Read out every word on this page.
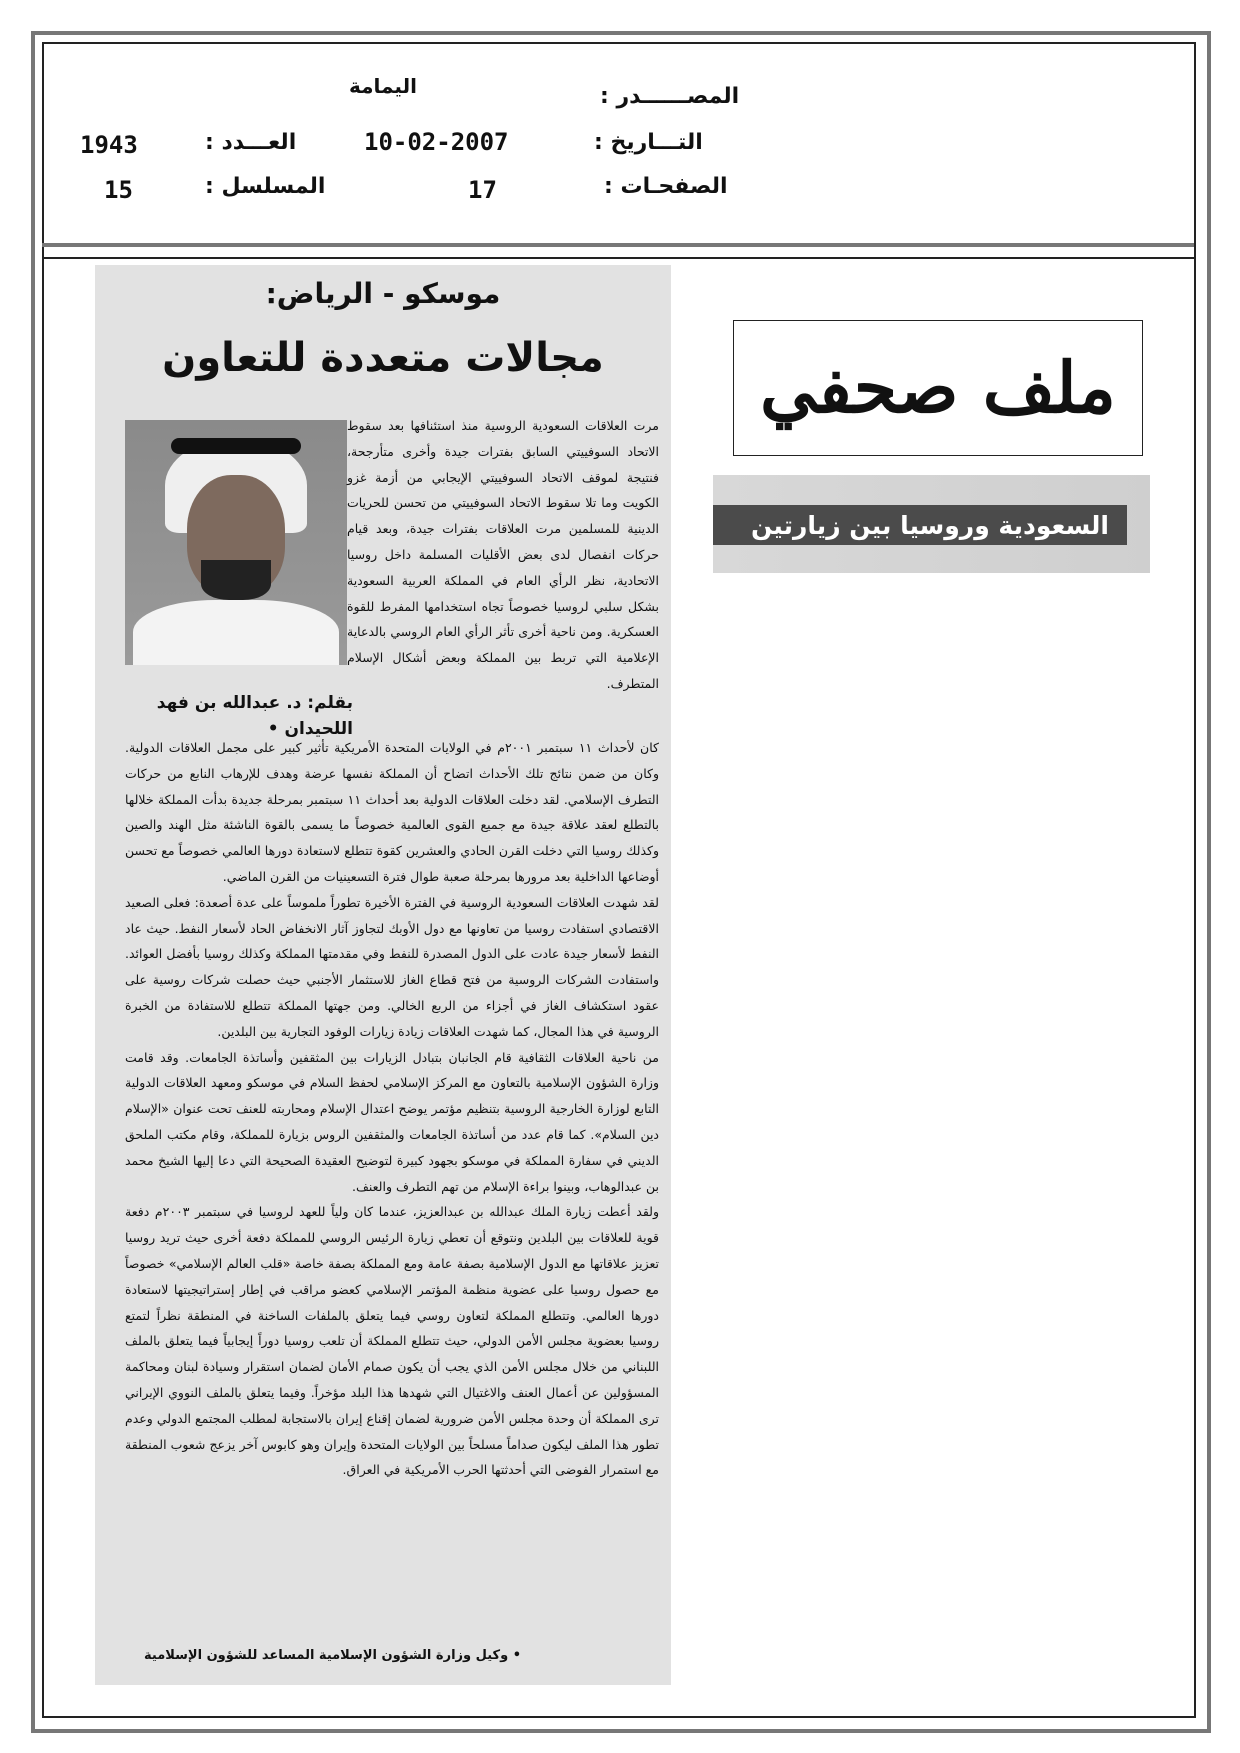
اليمامة	المصــــــدر :
10-02-2007	التـــاريخ :
1943	العـــدد :
17	الصفحـات :
15	المسلسل :
ملف صحفي
السعودية وروسيا بين زيارتين
موسكو - الرياض:
مجالات متعددة للتعاون
بقلم: د. عبدالله بن فهد
اللحيدان •

مرت العلاقات السعودية الروسية منذ استئنافها بعد سقوط الاتحاد السوفييتي السابق بفترات جيدة وأخرى متأرجحة، فنتيجة لموقف الاتحاد السوفييتي الإيجابي من أزمة غزو الكويت وما تلا سقوط الاتحاد السوفييتي من تحسن للحريات الدينية للمسلمين مرت العلاقات بفترات جيدة، وبعد قيام حركات انفصال لدى بعض الأقليات المسلمة داخل روسيا الاتحادية، نظر الرأي العام في المملكة العربية السعودية بشكل سلبي لروسيا خصوصاً تجاه استخدامها المفرط للقوة العسكرية. ومن ناحية أخرى تأثر الرأي العام الروسي بالدعاية الإعلامية التي تربط بين المملكة وبعض أشكال الإسلام المتطرف.

كان لأحداث ١١ سبتمبر ٢٠٠١م في الولايات المتحدة الأمريكية تأثير كبير على مجمل العلاقات الدولية. وكان من ضمن نتائج تلك الأحداث اتضاح أن المملكة نفسها عرضة وهدف للإرهاب النابع من حركات التطرف الإسلامي. لقد دخلت العلاقات الدولية بعد أحداث ١١ سبتمبر بمرحلة جديدة بدأت المملكة خلالها بالتطلع لعقد علاقة جيدة مع جميع القوى العالمية خصوصاً ما يسمى بالقوة الناشئة مثل الهند والصين وكذلك روسيا التي دخلت القرن الحادي والعشرين كقوة تتطلع لاستعادة دورها العالمي خصوصاً مع تحسن أوضاعها الداخلية بعد مرورها بمرحلة صعبة طوال فترة التسعينيات من القرن الماضي.

لقد شهدت العلاقات السعودية الروسية في الفترة الأخيرة تطوراً ملموساً على عدة أصعدة: فعلى الصعيد الاقتصادي استفادت روسيا من تعاونها مع دول الأوبك لتجاوز آثار الانخفاض الحاد لأسعار النفط. حيث عاد النفط لأسعار جيدة عادت على الدول المصدرة للنفط وفي مقدمتها المملكة وكذلك روسيا بأفضل العوائد. واستفادت الشركات الروسية من فتح قطاع الغاز للاستثمار الأجنبي حيث حصلت شركات روسية على عقود استكشاف الغاز في أجزاء من الربع الخالي. ومن جهتها المملكة تتطلع للاستفادة من الخبرة الروسية في هذا المجال، كما شهدت العلاقات زيادة زيارات الوفود التجارية بين البلدين.

من ناحية العلاقات الثقافية قام الجانبان بتبادل الزيارات بين المثقفين وأساتذة الجامعات. وقد قامت وزارة الشؤون الإسلامية بالتعاون مع المركز الإسلامي لحفظ السلام في موسكو ومعهد العلاقات الدولية التابع لوزارة الخارجية الروسية بتنظيم مؤتمر يوضح اعتدال الإسلام ومحاربته للعنف تحت عنوان «الإسلام دين السلام». كما قام عدد من أساتذة الجامعات والمثقفين الروس بزيارة للمملكة، وقام مكتب الملحق الديني في سفارة المملكة في موسكو بجهود كبيرة لتوضيح العقيدة الصحيحة التي دعا إليها الشيخ محمد بن عبدالوهاب، وبينوا براءة الإسلام من تهم التطرف والعنف.

ولقد أعطت زيارة الملك عبدالله بن عبدالعزيز، عندما كان ولياً للعهد لروسيا في سبتمبر ٢٠٠٣م دفعة قوية للعلاقات بين البلدين ونتوقع أن تعطي زيارة الرئيس الروسي للمملكة دفعة أخرى حيث تريد روسيا تعزيز علاقاتها مع الدول الإسلامية بصفة عامة ومع المملكة بصفة خاصة «قلب العالم الإسلامي» خصوصاً مع حصول روسيا على عضوية منظمة المؤتمر الإسلامي كعضو مراقب في إطار إستراتيجيتها لاستعادة دورها العالمي. وتتطلع المملكة لتعاون روسي فيما يتعلق بالملفات الساخنة في المنطقة نظراً لتمتع روسيا بعضوية مجلس الأمن الدولي، حيث تتطلع المملكة أن تلعب روسيا دوراً إيجابياً فيما يتعلق بالملف اللبناني من خلال مجلس الأمن الذي يجب أن يكون صمام الأمان لضمان استقرار وسيادة لبنان ومحاكمة المسؤولين عن أعمال العنف والاغتيال التي شهدها هذا البلد مؤخراً. وفيما يتعلق بالملف النووي الإيراني ترى المملكة أن وحدة مجلس الأمن ضرورية لضمان إقناع إيران بالاستجابة لمطلب المجتمع الدولي وعدم تطور هذا الملف ليكون صداماً مسلحاً بين الولايات المتحدة وإيران وهو كابوس آخر يزعج شعوب المنطقة مع استمرار الفوضى التي أحدثتها الحرب الأمريكية في العراق.

• وكيل وزارة الشؤون الإسلامية المساعد للشؤون الإسلامية
